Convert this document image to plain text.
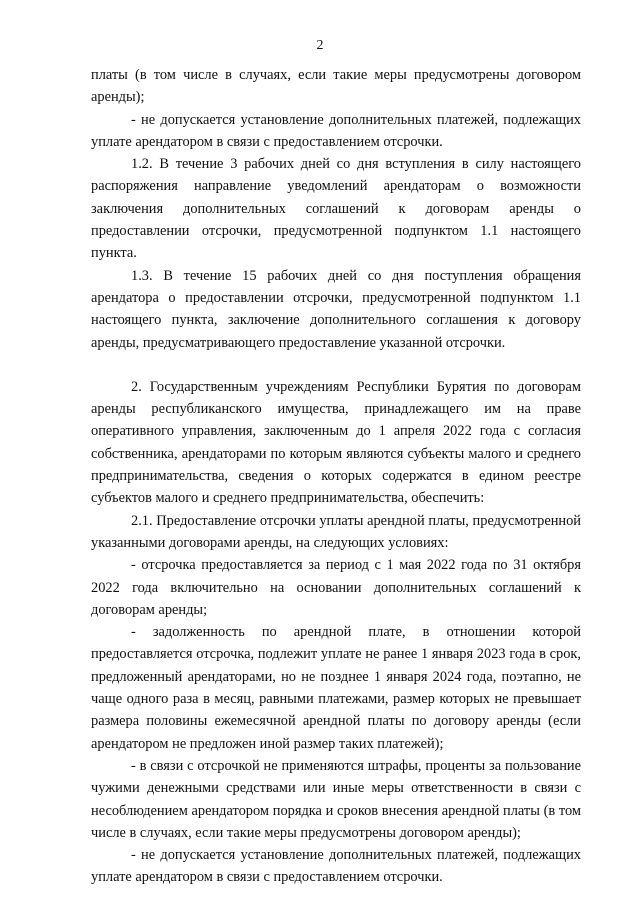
2

платы (в том числе в случаях, если такие меры предусмотрены договором аренды);

- не допускается установление дополнительных платежей, подлежащих уплате арендатором в связи с предоставлением отсрочки.

1.2. В течение 3 рабочих дней со дня вступления в силу настоящего распоряжения направление уведомлений арендаторам о возможности заключения дополнительных соглашений к договорам аренды о предоставлении отсрочки, предусмотренной подпунктом 1.1 настоящего пункта.

1.3. В течение 15 рабочих дней со дня поступления обращения арендатора о предоставлении отсрочки, предусмотренной подпунктом 1.1 настоящего пункта, заключение дополнительного соглашения к договору аренды, предусматривающего предоставление указанной отсрочки.

2. Государственным учреждениям Республики Бурятия по договорам аренды республиканского имущества, принадлежащего им на праве оперативного управления, заключенным до 1 апреля 2022 года с согласия собственника, арендаторами по которым являются субъекты малого и среднего предпринимательства, сведения о которых содержатся в едином реестре субъектов малого и среднего предпринимательства, обеспечить:

2.1. Предоставление отсрочки уплаты арендной платы, предусмотренной указанными договорами аренды, на следующих условиях:

- отсрочка предоставляется за период с 1 мая 2022 года по 31 октября 2022 года включительно на основании дополнительных соглашений к договорам аренды;

- задолженность по арендной плате, в отношении которой предоставляется отсрочка, подлежит уплате не ранее 1 января 2023 года в срок, предложенный арендаторами, но не позднее 1 января 2024 года, поэтапно, не чаще одного раза в месяц, равными платежами, размер которых не превышает размера половины ежемесячной арендной платы по договору аренды (если арендатором не предложен иной размер таких платежей);

- в связи с отсрочкой не применяются штрафы, проценты за пользование чужими денежными средствами или иные меры ответственности в связи с несоблюдением арендатором порядка и сроков внесения арендной платы (в том числе в случаях, если такие меры предусмотрены договором аренды);

- не допускается установление дополнительных платежей, подлежащих уплате арендатором в связи с предоставлением отсрочки.
